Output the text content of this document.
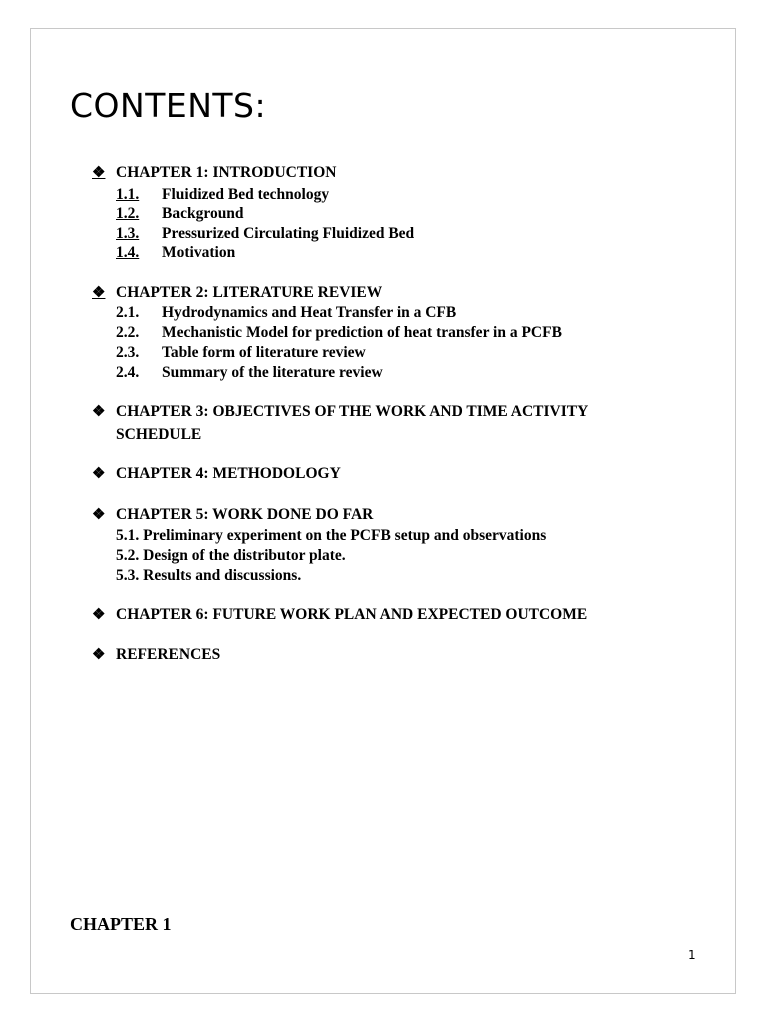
CONTENTS:
❖ CHAPTER 1: INTRODUCTION
1.1. Fluidized Bed technology
1.2. Background
1.3. Pressurized Circulating Fluidized Bed
1.4. Motivation
❖ CHAPTER 2: LITERATURE REVIEW
2.1. Hydrodynamics and Heat Transfer in a CFB
2.2. Mechanistic Model for prediction of heat transfer in a PCFB
2.3. Table form of literature review
2.4. Summary of the literature review
❖ CHAPTER 3: OBJECTIVES OF THE WORK AND TIME ACTIVITY
SCHEDULE
❖ CHAPTER 4: METHODOLOGY
❖ CHAPTER 5: WORK DONE DO FAR
5.1. Preliminary experiment on the PCFB setup and observations
5.2. Design of the distributor plate.
5.3. Results and discussions.
❖ CHAPTER 6: FUTURE WORK PLAN AND EXPECTED OUTCOME
❖ REFERENCES
CHAPTER 1
1
